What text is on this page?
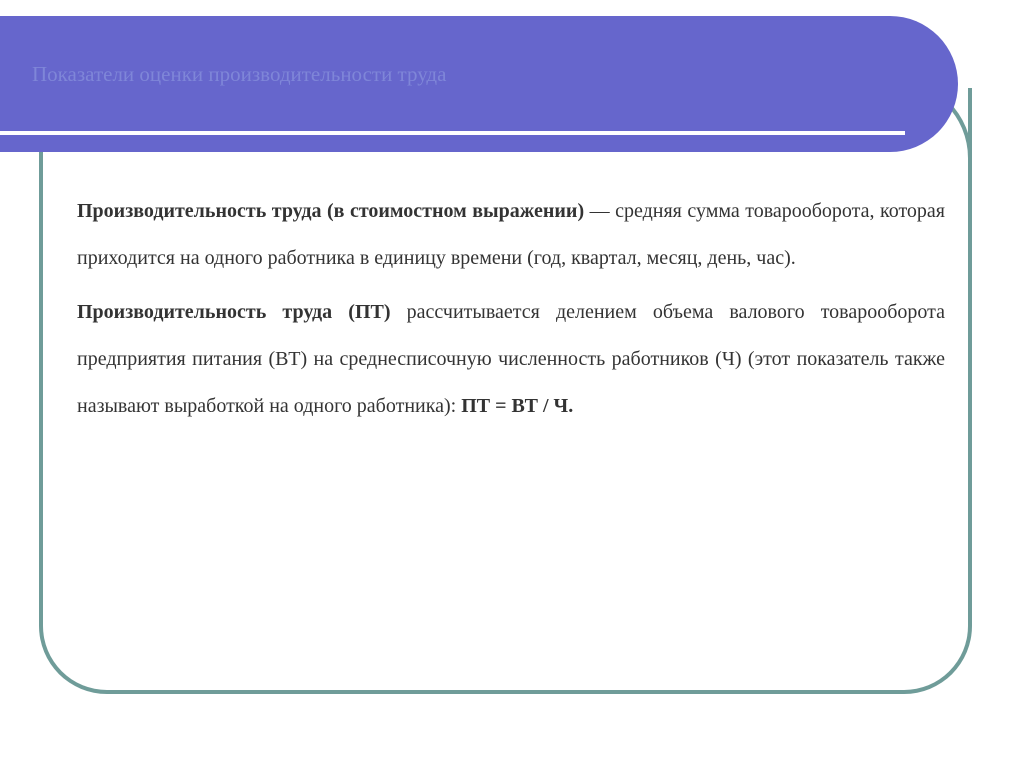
Показатели оценки производительности труда

Производительность труда (в стоимостном выражении) — средняя сумма товарооборота, которая приходится на одного работника в единицу времени (год, квартал, месяц, день, час).

Производительность труда (ПТ) рассчитывается делением объема валового товарооборота предприятия питания (ВТ) на среднесписочную численность работников (Ч) (этот показатель также называют выработкой на одного работника): ПТ = ВТ / Ч.
